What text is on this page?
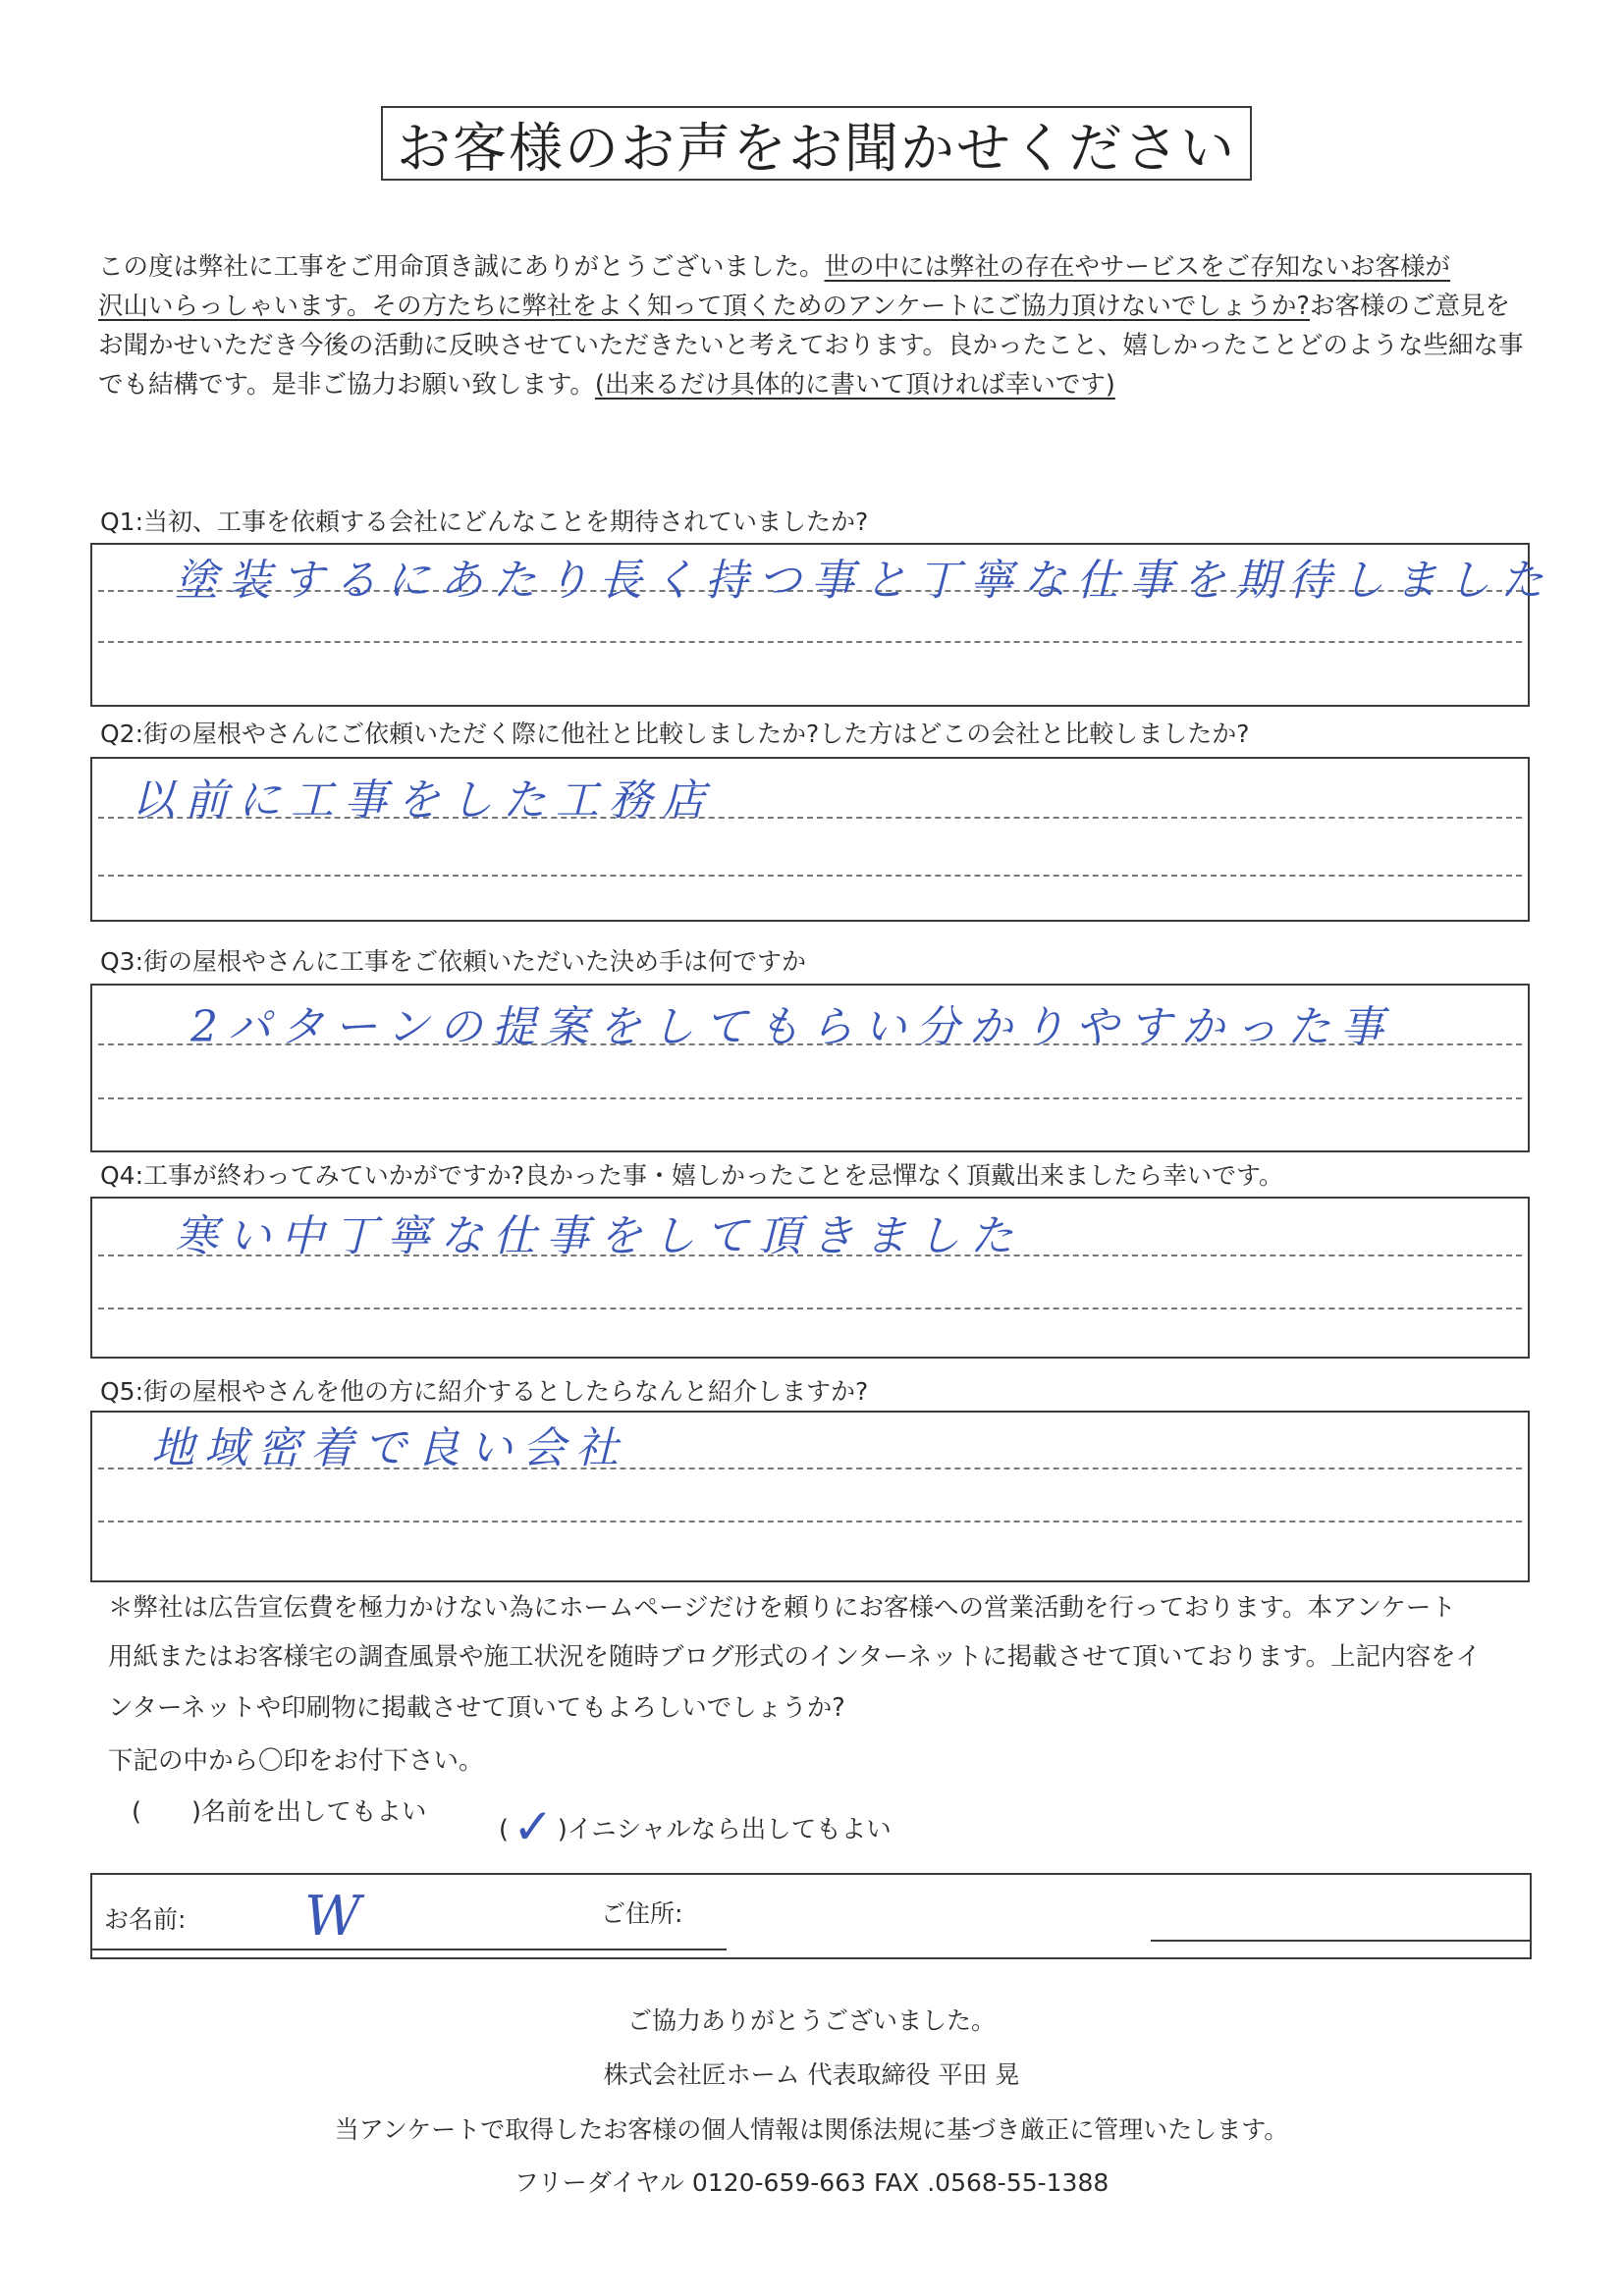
お客様のお声をお聞かせください
この度は弊社に工事をご用命頂き誠にありがとうございました。世の中には弊社の存在やサービスをご存知ないお客様が
沢山いらっしゃいます。その方たちに弊社をよく知って頂くためのアンケートにご協力頂けないでしょうか?お客様のご意見を
お聞かせいただき今後の活動に反映させていただきたいと考えております。良かったこと、嬉しかったことどのような些細な事
でも結構です。是非ご協力お願い致します。(出来るだけ具体的に書いて頂ければ幸いです)
Q1:当初、工事を依頼する会社にどんなことを期待されていましたか?
塗装するにあたり長く持つ事と丁寧な仕事を期待しました
Q2:街の屋根やさんにご依頼いただく際に他社と比較しましたか?した方はどこの会社と比較しましたか?
以前に工事をした工務店
Q3:街の屋根やさんに工事をご依頼いただいた決め手は何ですか
2パターンの提案をしてもらい分かりやすかった事
Q4:工事が終わってみていかがですか?良かった事・嬉しかったことを忌憚なく頂戴出来ましたら幸いです。
寒い中丁寧な仕事をして頂きました
Q5:街の屋根やさんを他の方に紹介するとしたらなんと紹介しますか?
地域密着で良い会社
＊弊社は広告宣伝費を極力かけない為にホームページだけを頼りにお客様への営業活動を行っております。本アンケート
用紙またはお客様宅の調査風景や施工状況を随時ブログ形式のインターネットに掲載させて頂いております。上記内容をイ
ンターネットや印刷物に掲載させて頂いてもよろしいでしょうか?
下記の中から〇印をお付下さい。
(　　)名前を出してもよい
(✓ )イニシャルなら出してもよい
お名前: W	ご住所:
ご協力ありがとうございました。
株式会社匠ホーム 代表取締役 平田 晃
当アンケートで取得したお客様の個人情報は関係法規に基づき厳正に管理いたします。
フリーダイヤル 0120-659-663 FAX .0568-55-1388
